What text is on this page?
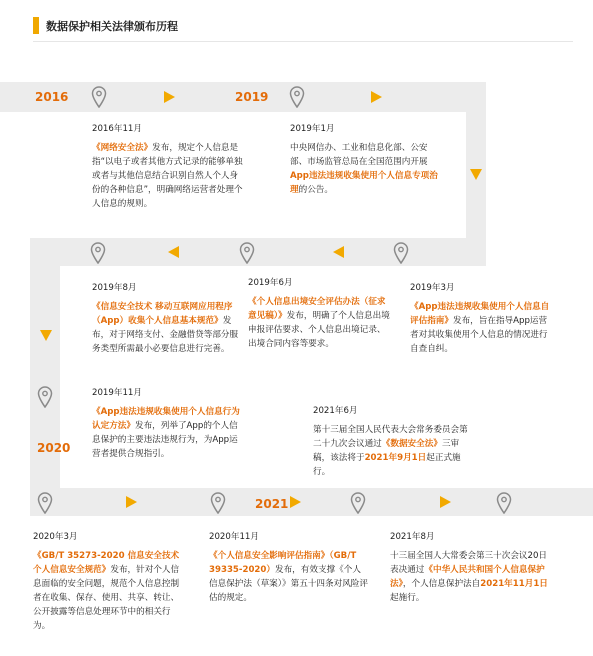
数据保护相关法律颁布历程
2016	2019
2020
2021
2016年11月
《网络安全法》发布，规定个人信息是指“以电子或者其他方式记录的能够单独或者与其他信息结合识别自然人个人身份的各种信息”，明确网络运营者处理个人信息的规则。
2019年1月
中央网信办、工业和信息化部、公安部、市场监管总局在全国范围内开展App违法违规收集使用个人信息专项治理的公告。
2019年8月
《信息安全技术 移动互联网应用程序（App）收集个人信息基本规范》发布，对于网络支付、金融借贷等部分服务类型所需最小必要信息进行完善。
2019年6月
《个人信息出境安全评估办法（征求意见稿）》发布，明确了个人信息出境申报评估要求、个人信息出境记录、出境合同内容等要求。
2019年3月
《App违法违规收集使用个人信息自评估指南》发布，旨在指导App运营者对其收集使用个人信息的情况进行自查自纠。
2019年11月
《App违法违规收集使用个人信息行为认定方法》发布，列举了App的个人信息保护的主要违法违规行为，为App运营者提供合规指引。
2021年6月
第十三届全国人民代表大会常务委员会第二十九次会议通过《数据安全法》三审稿，该法将于2021年9月1日起正式施行。
2020年3月
《GB/T 35273-2020 信息安全技术 个人信息安全规范》发布，针对个人信息面临的安全问题，规范个人信息控制者在收集、保存、使用、共享、转让、公开披露等信息处理环节中的相关行为。
2020年11月
《个人信息安全影响评估指南》（GB/T 39335-2020）发布，有效支撑《个人信息保护法（草案）》第五十四条对风险评估的规定。
2021年8月
十三届全国人大常委会第三十次会议20日表决通过《中华人民共和国个人信息保护法》，个人信息保护法自2021年11月1日起施行。
